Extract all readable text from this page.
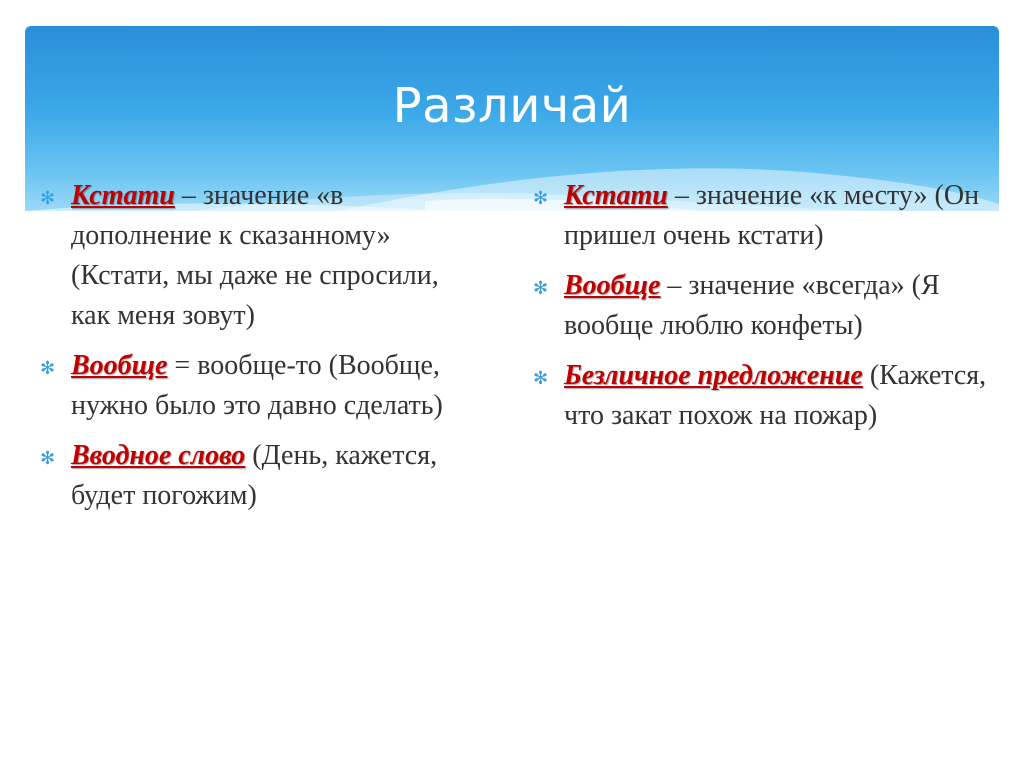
Различай
✻ Кстати – значение «в дополнение к сказанному» (Кстати, мы даже не спросили, как меня зовут)
✻ Вообще = вообще-то (Вообще, нужно было это давно сделать)
✻ Вводное слово (День, кажется, будет погожим)
✻ Кстати – значение «к месту» (Он пришел очень кстати)
✻ Вообще – значение «всегда» (Я вообще люблю конфеты)
✻ Безличное предложение (Кажется, что закат похож на пожар)
